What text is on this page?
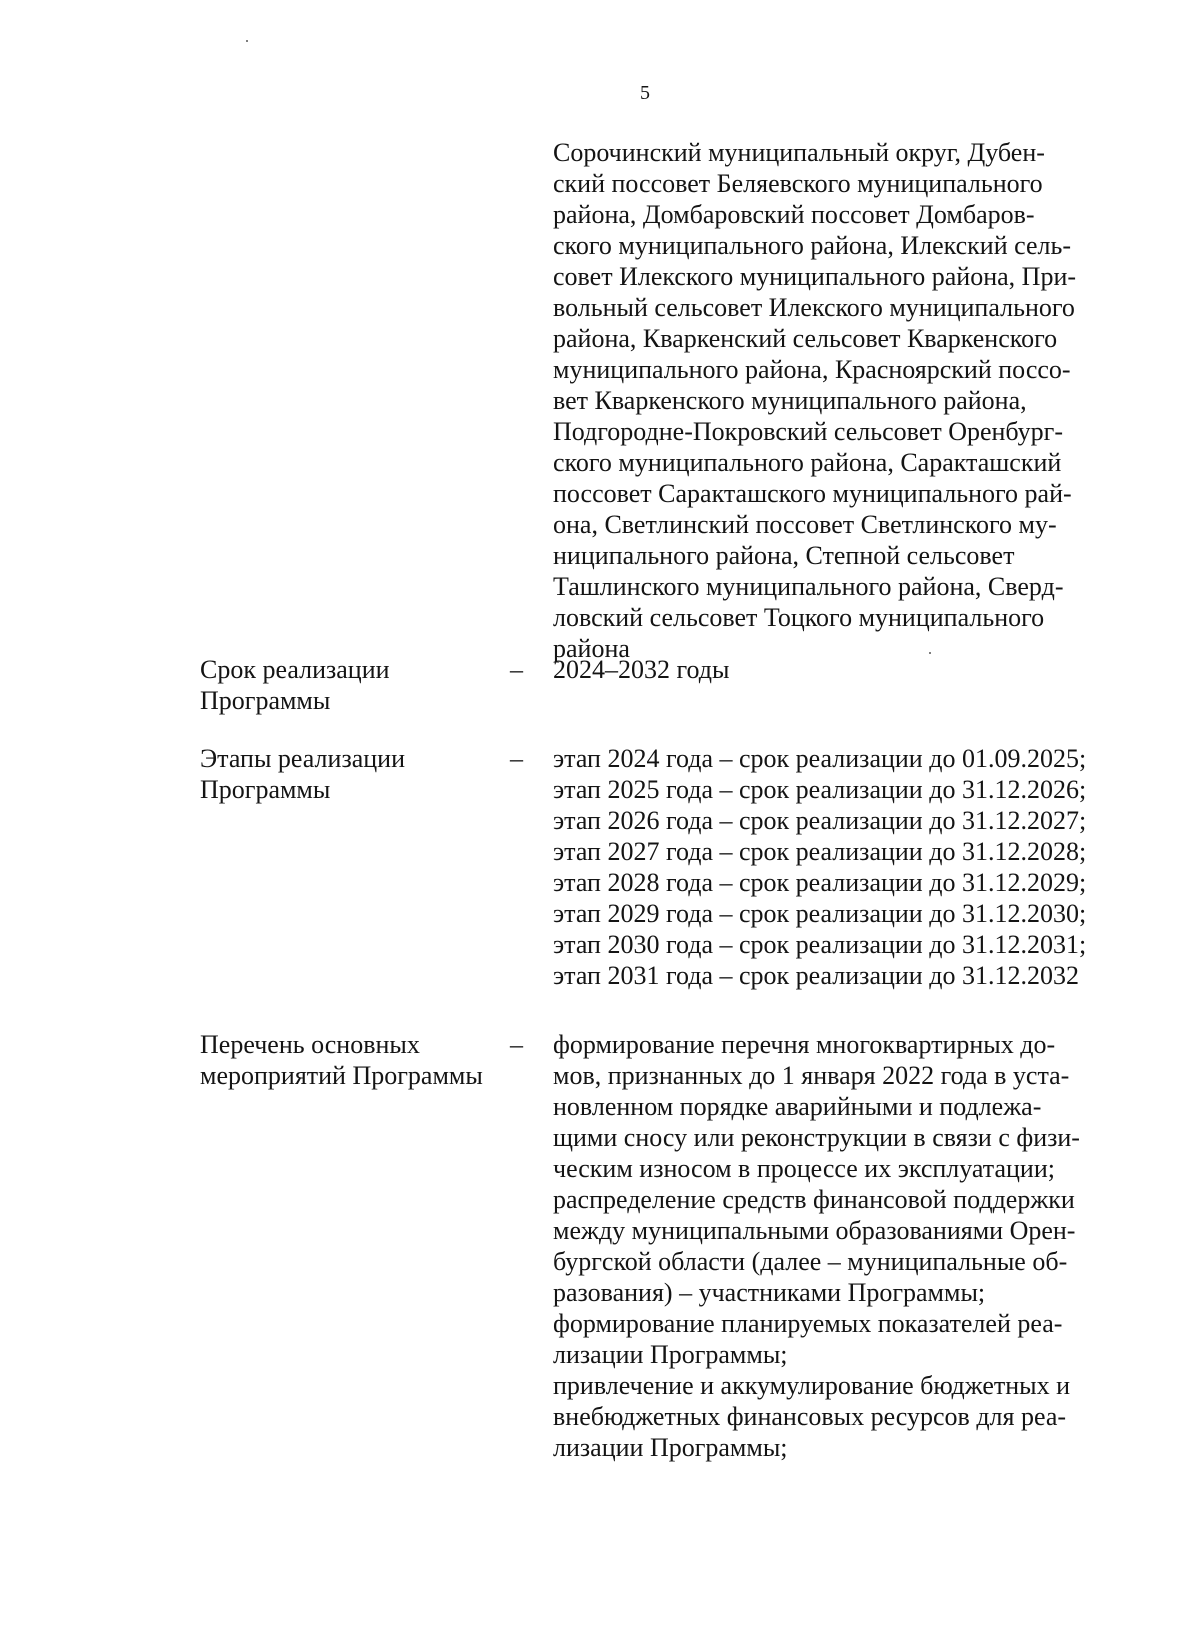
5
Сорочинский муниципальный округ, Дубен-
ский поссовет Беляевского муниципального
района, Домбаровский поссовет Домбаров-
ского муниципального района, Илекский сель-
совет Илекского муниципального района, При-
вольный сельсовет Илекского муниципального
района, Кваркенский сельсовет Кваркенского
муниципального района, Красноярский поссо-
вет Кваркенского муниципального района,
Подгородне-Покровский сельсовет Оренбург-
ского муниципального района, Саракташский
поссовет Саракташского муниципального рай-
она, Светлинский поссовет Светлинского му-
ниципального района, Степной сельсовет
Ташлинского муниципального района, Сверд-
ловский сельсовет Тоцкого муниципального
района
Срок реализации
Программы
– 2024–2032 годы
Этапы реализации
Программы
– этап 2024 года – срок реализации до 01.09.2025;
этап 2025 года – срок реализации до 31.12.2026;
этап 2026 года – срок реализации до 31.12.2027;
этап 2027 года – срок реализации до 31.12.2028;
этап 2028 года – срок реализации до 31.12.2029;
этап 2029 года – срок реализации до 31.12.2030;
этап 2030 года – срок реализации до 31.12.2031;
этап 2031 года – срок реализации до 31.12.2032
Перечень основных
мероприятий Программы
– формирование перечня многоквартирных до-
мов, признанных до 1 января 2022 года в уста-
новленном порядке аварийными и подлежа-
щими сносу или реконструкции в связи с физи-
ческим износом в процессе их эксплуатации;
распределение средств финансовой поддержки
между муниципальными образованиями Орен-
бургской области (далее – муниципальные об-
разования) – участниками Программы;
формирование планируемых показателей реа-
лизации Программы;
привлечение и аккумулирование бюджетных и
внебюджетных финансовых ресурсов для реа-
лизации Программы;
